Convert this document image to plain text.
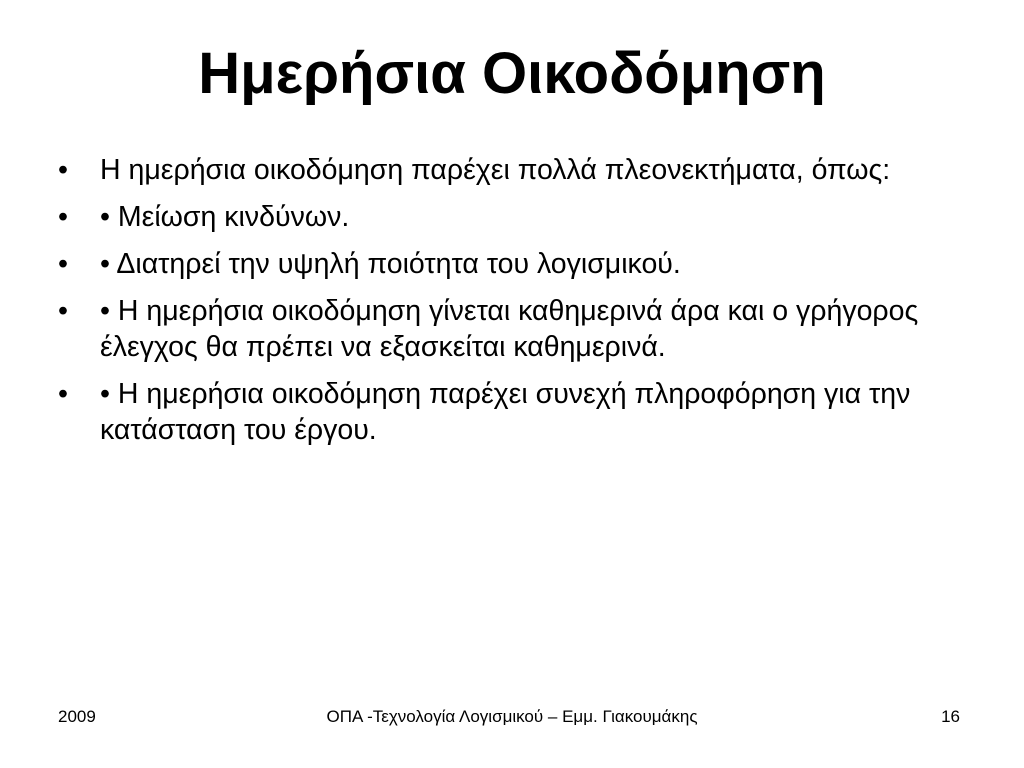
Ημερήσια Οικοδόμηση
•	Η ημερήσια οικοδόμηση παρέχει πολλά πλεονεκτήματα, όπως:
•	• Μείωση κινδύνων.
•	• Διατηρεί την υψηλή ποιότητα του λογισμικού.
•	• Η ημερήσια οικοδόμηση γίνεται καθημερινά άρα και ο γρήγορος έλεγχος θα πρέπει να εξασκείται καθημερινά.
•	• Η ημερήσια οικοδόμηση παρέχει συνεχή πληροφόρηση για την κατάσταση του έργου.
2009	ΟΠΑ -Τεχνολογία Λογισμικού – Εμμ. Γιακουμάκης	16
